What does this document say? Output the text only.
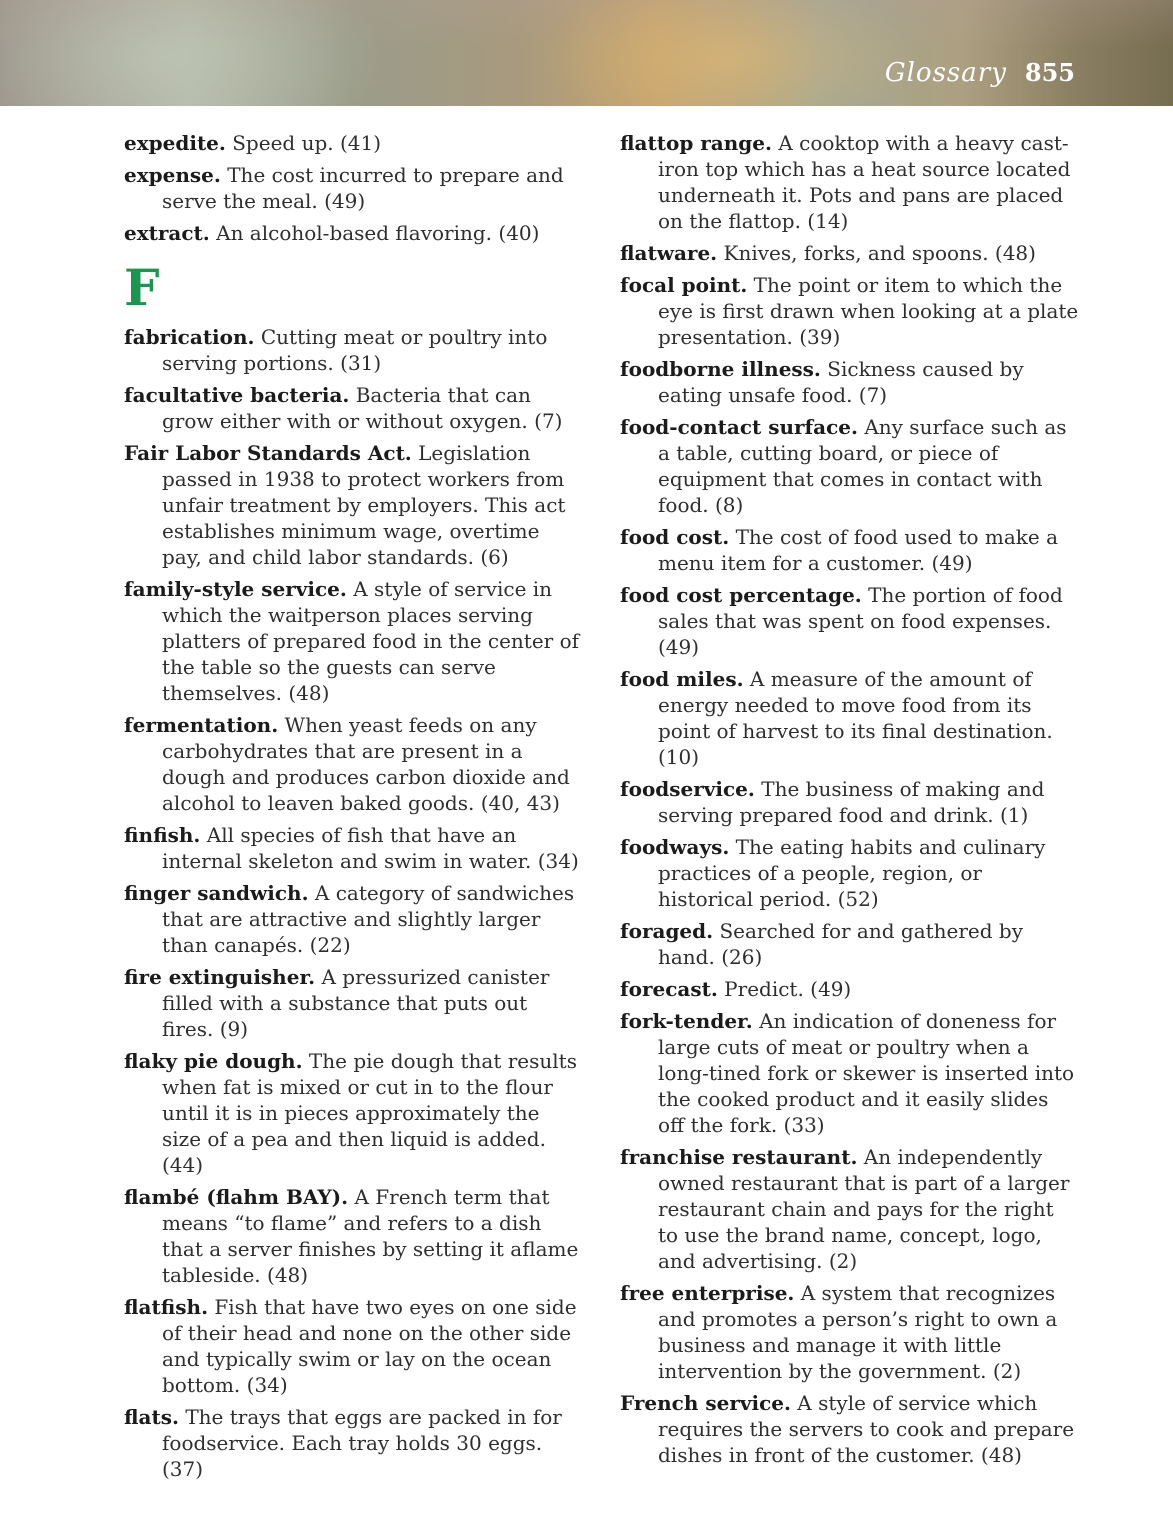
Glossary 855

expedite. Speed up. (41)

expense. The cost incurred to prepare and serve the meal. (49)

extract. An alcohol-based flavoring. (40)

F

fabrication. Cutting meat or poultry into serving portions. (31)

facultative bacteria. Bacteria that can grow either with or without oxygen. (7)

Fair Labor Standards Act. Legislation passed in 1938 to protect workers from unfair treatment by employers. This act establishes minimum wage, overtime pay, and child labor standards. (6)

family-style service. A style of service in which the waitperson places serving platters of prepared food in the center of the table so the guests can serve themselves. (48)

fermentation. When yeast feeds on any carbohydrates that are present in a dough and produces carbon dioxide and alcohol to leaven baked goods. (40, 43)

finfish. All species of fish that have an internal skeleton and swim in water. (34)

finger sandwich. A category of sandwiches that are attractive and slightly larger than canapés. (22)

fire extinguisher. A pressurized canister filled with a substance that puts out fires. (9)

flaky pie dough. The pie dough that results when fat is mixed or cut in to the flour until it is in pieces approximately the size of a pea and then liquid is added. (44)

flambé (flahm BAY). A French term that means “to flame” and refers to a dish that a server finishes by setting it aflame tableside. (48)

flatfish. Fish that have two eyes on one side of their head and none on the other side and typically swim or lay on the ocean bottom. (34)

flats. The trays that eggs are packed in for foodservice. Each tray holds 30 eggs. (37)

flattop range. A cooktop with a heavy cast-iron top which has a heat source located underneath it. Pots and pans are placed on the flattop. (14)

flatware. Knives, forks, and spoons. (48)

focal point. The point or item to which the eye is first drawn when looking at a plate presentation. (39)

foodborne illness. Sickness caused by eating unsafe food. (7)

food-contact surface. Any surface such as a table, cutting board, or piece of equipment that comes in contact with food. (8)

food cost. The cost of food used to make a menu item for a customer. (49)

food cost percentage. The portion of food sales that was spent on food expenses. (49)

food miles. A measure of the amount of energy needed to move food from its point of harvest to its final destination. (10)

foodservice. The business of making and serving prepared food and drink. (1)

foodways. The eating habits and culinary practices of a people, region, or historical period. (52)

foraged. Searched for and gathered by hand. (26)

forecast. Predict. (49)

fork-tender. An indication of doneness for large cuts of meat or poultry when a long-tined fork or skewer is inserted into the cooked product and it easily slides off the fork. (33)

franchise restaurant. An independently owned restaurant that is part of a larger restaurant chain and pays for the right to use the brand name, concept, logo, and advertising. (2)

free enterprise. A system that recognizes and promotes a person’s right to own a business and manage it with little intervention by the government. (2)

French service. A style of service which requires the servers to cook and prepare dishes in front of the customer. (48)
